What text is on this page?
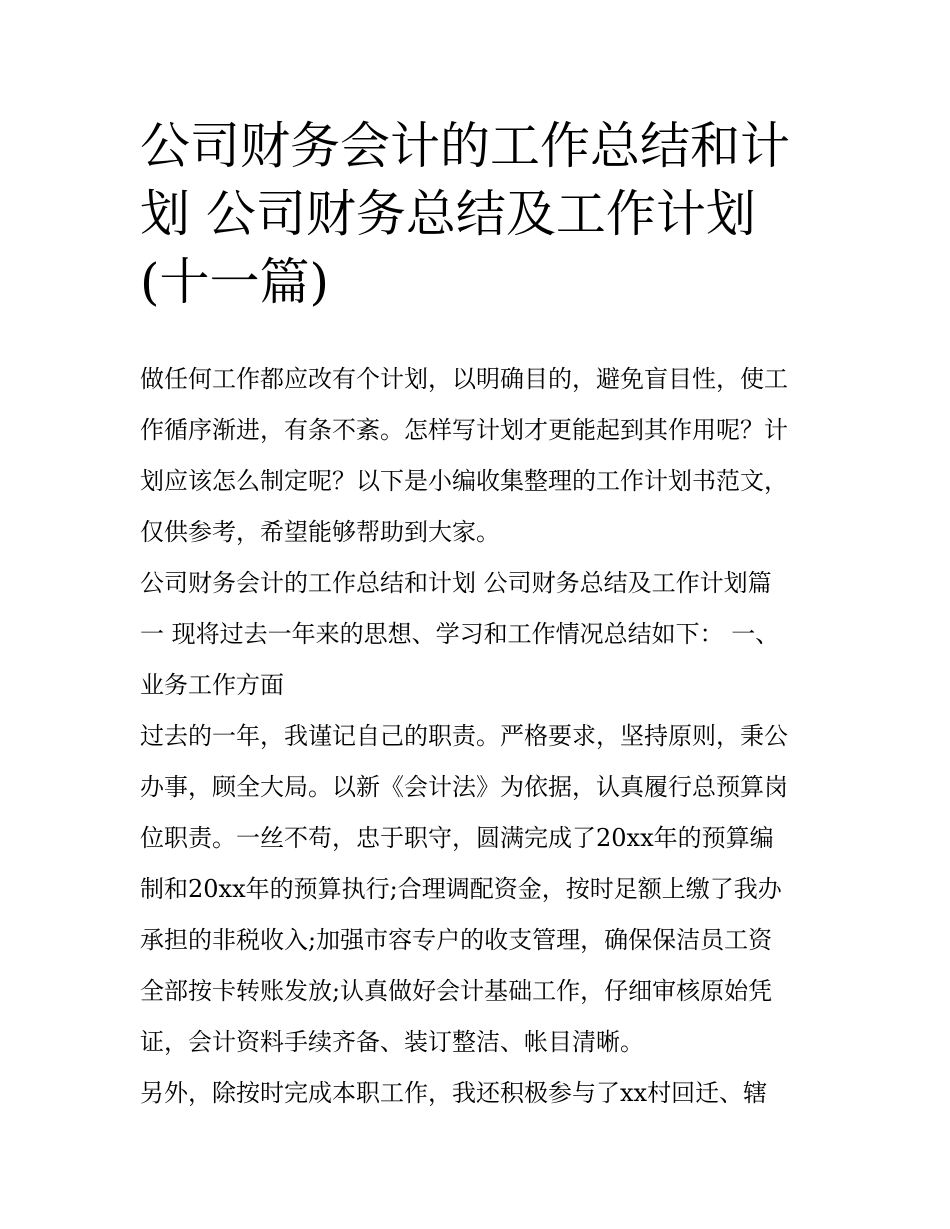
公司财务会计的工作总结和计
划 公司财务总结及工作计划
(十一篇)

做任何工作都应改有个计划，以明确目的，避免盲目性，使工
作循序渐进，有条不紊。怎样写计划才更能起到其作用呢？计
划应该怎么制定呢？以下是小编收集整理的工作计划书范文，
仅供参考，希望能够帮助到大家。

公司财务会计的工作总结和计划 公司财务总结及工作计划篇
一 现将过去一年来的思想、学习和工作情况总结如下： 一、
业务工作方面

过去的一年，我谨记自己的职责。严格要求，坚持原则，秉公
办事，顾全大局。以新《会计法》为依据，认真履行总预算岗
位职责。一丝不苟，忠于职守，圆满完成了20xx年的预算编
制和20xx年的预算执行;合理调配资金，按时足额上缴了我办
承担的非税收入;加强市容专户的收支管理，确保保洁员工资
全部按卡转账发放;认真做好会计基础工作，仔细审核原始凭
证，会计资料手续齐备、装订整洁、帐目清晰。

另外，除按时完成本职工作，我还积极参与了xx村回迁、辖
